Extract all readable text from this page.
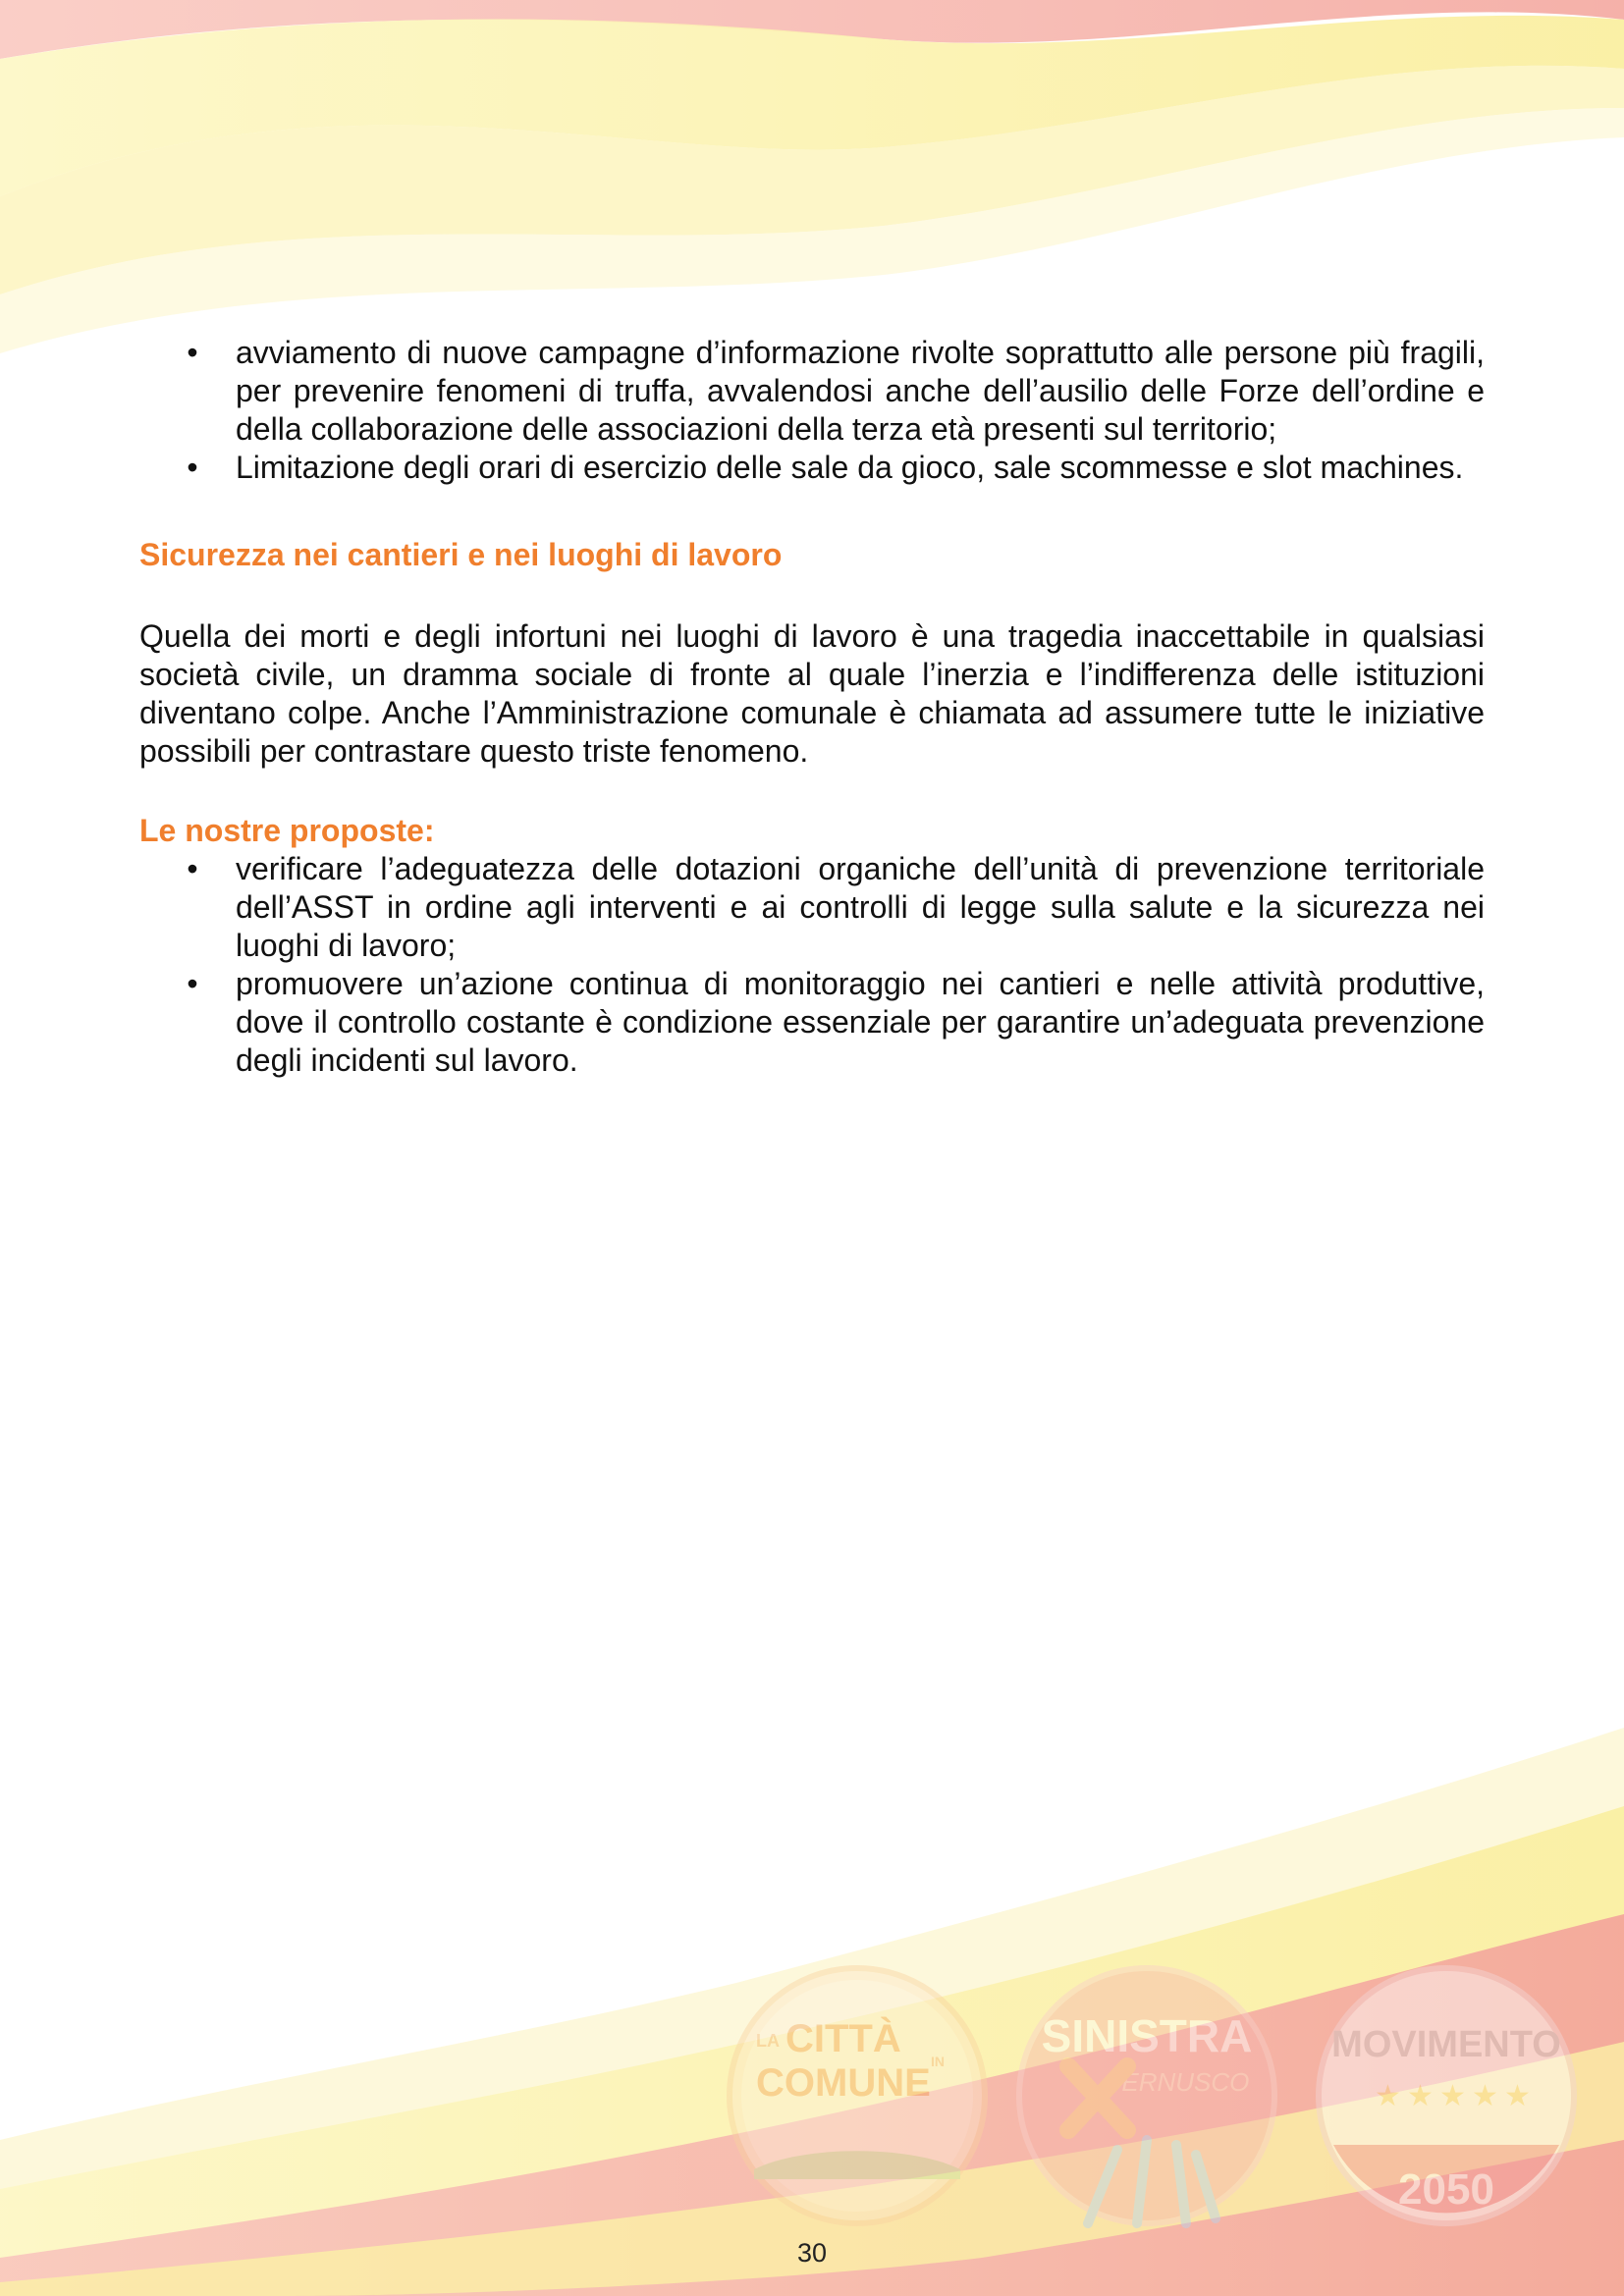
LA CITTÀ
IN
COMUNE
SINISTRA
CERNUSCO
MOVIMENTO
★ ★ ★ ★ ★
2050
• avviamento di nuove campagne d’informazione rivolte soprattutto alle persone più fragili, per prevenire fenomeni di truffa, avvalendosi anche dell’ausilio delle Forze dell’ordine e della collaborazione delle associazioni della terza età presenti sul territorio;
• Limitazione degli orari di esercizio delle sale da gioco, sale scommesse e slot machines.
Sicurezza nei cantieri e nei luoghi di lavoro

Quella dei morti e degli infortuni nei luoghi di lavoro è una tragedia inaccettabile in qualsiasi società civile, un dramma sociale di fronte al quale l’inerzia e l’indifferenza delle istituzioni diventano colpe. Anche l’Amministrazione comunale è chiamata ad assumere tutte le iniziative possibili per contrastare questo triste fenomeno.

Le nostre proposte:
• verificare l’adeguatezza delle dotazioni organiche dell’unità di prevenzione territoriale dell’ASST in ordine agli interventi e ai controlli di legge sulla salute e la sicurezza nei luoghi di lavoro;
• promuovere un’azione continua di monitoraggio nei cantieri e nelle attività produttive, dove il controllo costante è condizione essenziale per garantire un’adeguata prevenzione degli incidenti sul lavoro.
30
